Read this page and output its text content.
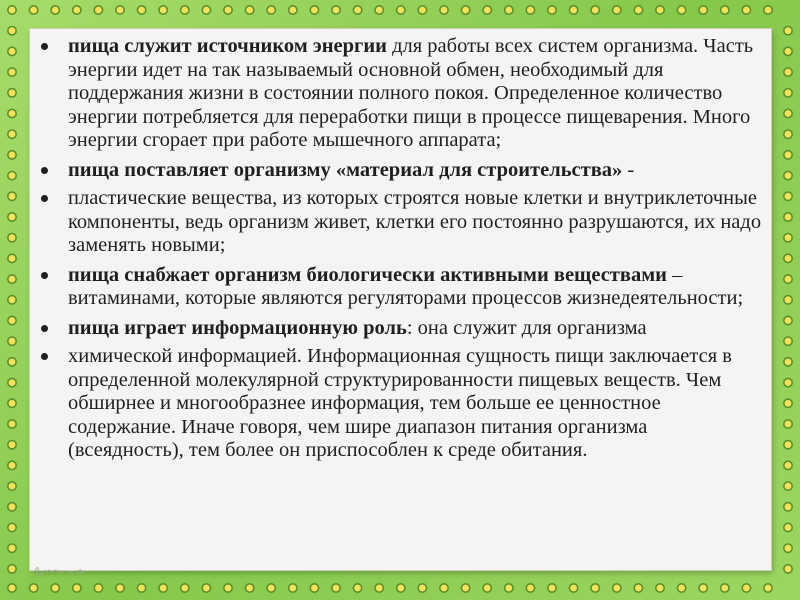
пища служит источником энергии для работы всех систем организма. Часть энергии идет на так называемый основной обмен, необходимый для поддержания жизни в состоянии полного покоя. Определенное количество энергии потребляется для переработки пищи в процессе пищеварения. Много энергии сгорает при работе мышечного аппарата;
пища поставляет организму «материал для строительства» -
пластические вещества, из которых строятся новые клетки и внутриклеточные компоненты, ведь организм живет, клетки его постоянно разрушаются, их надо заменять новыми;
пища снабжает организм биологически активными веществами – витаминами, которые являются регуляторами процессов жизнедеятельности;
пища играет информационную роль: она служит для организма
химической информацией. Информационная сущность пищи заключается в определенной молекулярной структурированности пищевых веществ. Чем обширнее и многообразнее информация, тем больше ее ценностное содержание. Иначе говоря, чем шире диапазон питания организма (всеядность), тем более он приспособлен к среде обитания.
